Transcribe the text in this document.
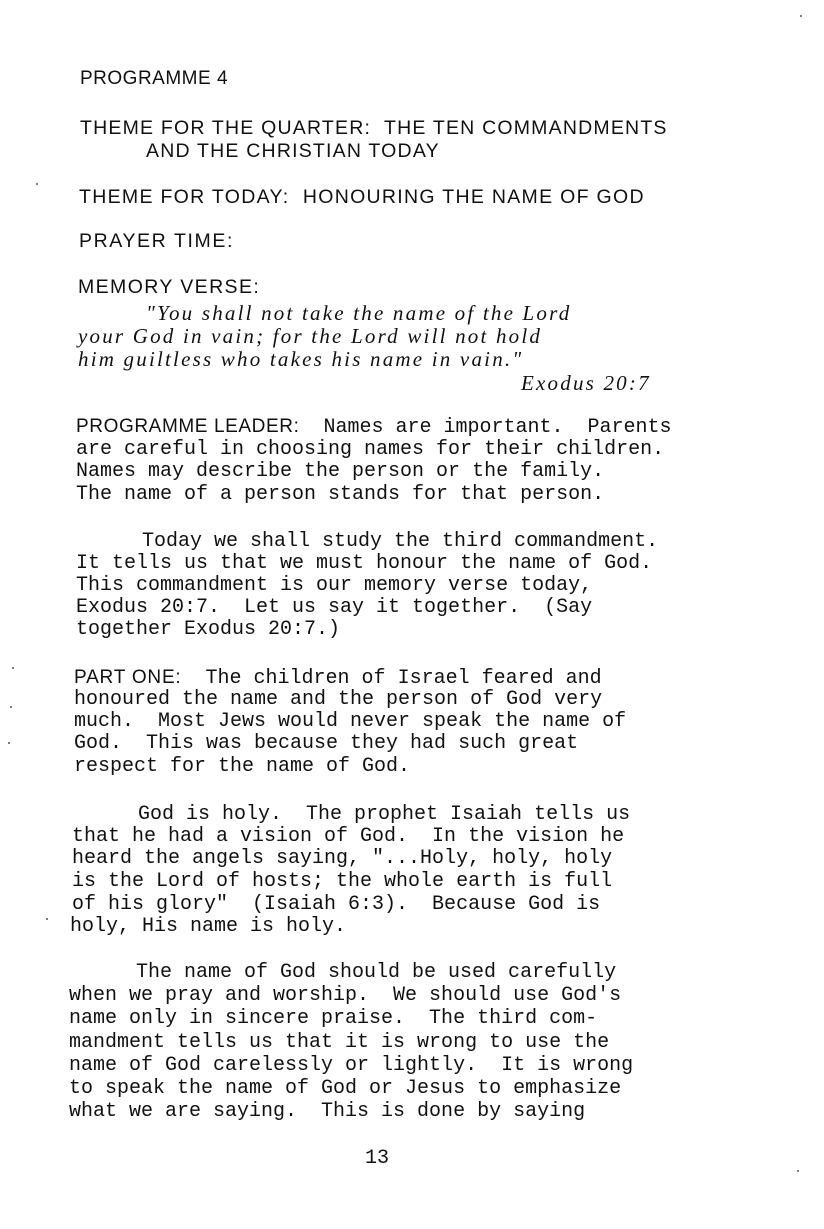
PROGRAMME 4
THEME FOR THE QUARTER:  THE TEN COMMANDMENTS
AND THE CHRISTIAN TODAY
THEME FOR TODAY:  HONOURING THE NAME OF GOD
PRAYER TIME:
MEMORY VERSE:
"You shall not take the name of the Lord
your God in vain; for the Lord will not hold
him guiltless who takes his name in vain."
Exodus 20:7
PROGRAMME LEADER: Names are important.  Parents
are careful in choosing names for their children.
Names may describe the person or the family.
The name of a person stands for that person.
Today we shall study the third commandment.
It tells us that we must honour the name of God.
This commandment is our memory verse today,
Exodus 20:7.  Let us say it together.  (Say
together Exodus 20:7.)
PART ONE: The children of Israel feared and
honoured the name and the person of God very
much.  Most Jews would never speak the name of
God.  This was because they had such great
respect for the name of God.
God is holy.  The prophet Isaiah tells us
that he had a vision of God.  In the vision he
heard the angels saying, "...Holy, holy, holy
is the Lord of hosts; the whole earth is full
of his glory"  (Isaiah 6:3).  Because God is
holy, His name is holy.
The name of God should be used carefully
when we pray and worship.  We should use God's
name only in sincere praise.  The third com-
mandment tells us that it is wrong to use the
name of God carelessly or lightly.  It is wrong
to speak the name of God or Jesus to emphasize
what we are saying.  This is done by saying
13
